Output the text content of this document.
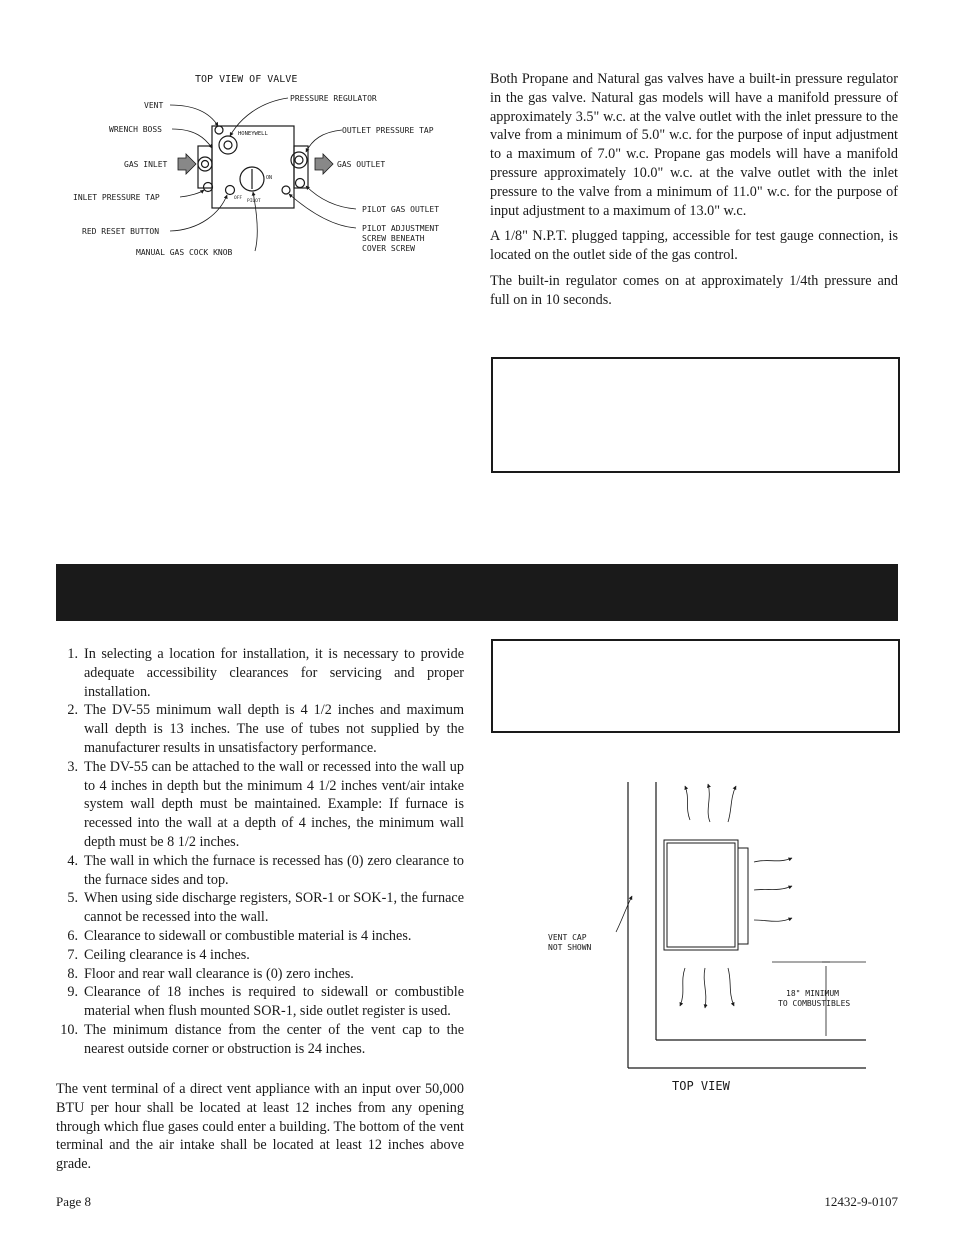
TOP VIEW OF VALVE
HONEYWELL
ON
OFF
PILOT
VENT
PRESSURE REGULATOR
WRENCH BOSS	OUTLET PRESSURE TAP
GAS INLET	GAS OUTLET
INLET PRESSURE TAP
PILOT GAS OUTLET
RED RESET BUTTON	PILOT ADJUSTMENT
SCREW BENEATH
COVER SCREW
MANUAL GAS COCK KNOB

Both Propane and Natural gas valves have a built-in pressure regulator in the gas valve. Natural gas models will have a manifold pressure of approximately 3.5" w.c. at the valve outlet with the inlet pressure to the valve from a minimum of 5.0" w.c. for the purpose of input adjustment to a maximum of 7.0" w.c. Propane gas models will have a manifold pressure approximately 10.0" w.c. at the valve outlet with the inlet pressure to the valve from a minimum of 11.0" w.c. for the purpose of input adjustment to a maximum of 13.0" w.c.

A 1/8" N.P.T. plugged tapping, accessible for test gauge connection, is located on the outlet side of the gas control.

The built-in regulator comes on at approximately 1/4th pressure and full on in 10 seconds.

1. In selecting a location for installation, it is necessary to provide adequate accessibility clearances for servicing and proper installation.
2. The DV-55 minimum wall depth is 4 1/2 inches and maximum wall depth is 13 inches. The use of tubes not supplied by the manufacturer results in unsatisfactory performance.
3. The DV-55 can be attached to the wall or recessed into the wall up to 4 inches in depth but the minimum 4 1/2 inches vent/air intake system wall depth must be maintained. Example: If furnace is recessed into the wall at a depth of 4 inches, the minimum wall depth must be 8 1/2 inches.
4. The wall in which the furnace is recessed has (0) zero clearance to the furnace sides and top.
5. When using side discharge registers, SOR-1 or SOK-1, the furnace cannot be recessed into the wall.
6. Clearance to sidewall or combustible material is 4 inches.
7. Ceiling clearance is 4 inches.
8. Floor and rear wall clearance is (0) zero inches.
9. Clearance of 18 inches is required to sidewall or combustible material when flush mounted SOR-1, side outlet register is used.
10. The minimum distance from the center of the vent cap to the nearest outside corner or obstruction is 24 inches.

The vent terminal of a direct vent appliance with an input over 50,000 BTU per hour shall be located at least 12 inches from any opening through which flue gases could enter a building. The bottom of the vent terminal and the air intake shall be located at least 12 inches above grade.

VENT CAP
NOT SHOWN
18" MINIMUM
TO COMBUSTIBLES
TOP VIEW
Page 8	12432-9-0107
